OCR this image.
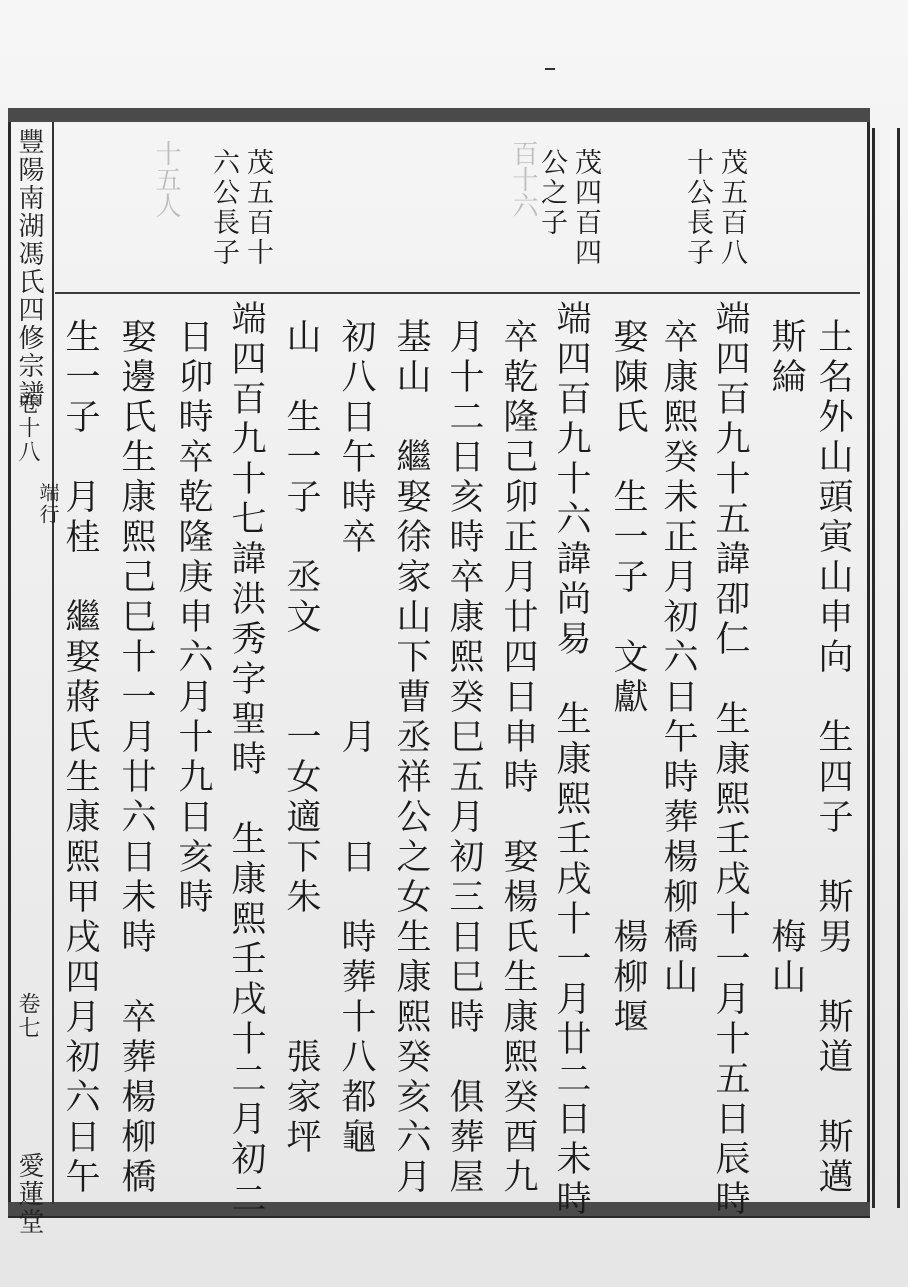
十五人	百十六
豐陽南湖馮氏四修宗譜
卷十八
端行
卷七
愛蓮堂
茂五百八
十公長子
茂四百四
公之子
茂五百十
六公長子
土名外山頭寅山申向　生四子　斯男　斯道　斯邁
斯綸　　　　　　　　　　　　　梅山
端四百九十五諱卲仁　生康熙壬戌十一月十五日辰時
卒康熙癸未正月初六日午時葬楊柳橋山
娶陳氏　生一子　文獻　　　　　楊柳堰
端四百九十六諱尚易　生康熙壬戌十一月廿二日未時
卒乾隆己卯正月廿四日申時　娶楊氏生康熙癸酉九
月十二日亥時卒康熙癸巳五月初三日巳時　俱葬屋
基山　繼娶徐家山下曹丞祥公之女生康熙癸亥六月
初八日午時卒　　　　月　　日　時葬十八都龜
山　生一子　丞文　　一女適下朱　　　張家坪
端四百九十七諱洪秀字聖時　生康熙壬戌十二月初二
日卯時卒乾隆庚申六月十九日亥時
娶邊氏生康熙己巳十一月廿六日未時　卒葬楊柳橋
生一子　月桂　繼娶蔣氏生康熙甲戌四月初六日午
